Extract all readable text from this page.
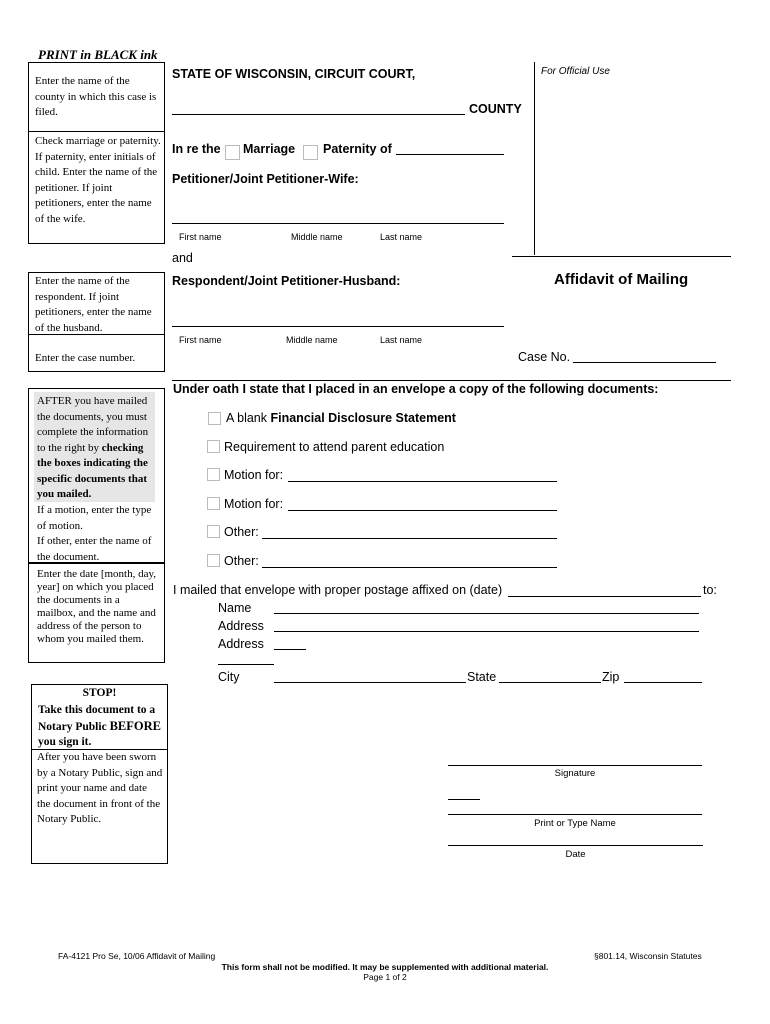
PRINT in BLACK ink
Enter the name of the county in which this case is filed.
Check marriage or paternity. If paternity, enter initials of child. Enter the name of the petitioner. If joint petitioners, enter the name of the wife.
Enter the name of the respondent. If joint petitioners, enter the name of the husband.
Enter the case number.
AFTER you have mailed the documents, you must complete the information to the right by checking the boxes indicating the specific documents that you mailed.
If a motion, enter the type of motion.
If other, enter the name of the document.
Enter the date [month, day, year] on which you placed the documents in a mailbox, and the name and address of the person to whom you mailed them.
STOP!
Take this document to a Notary Public BEFORE you sign it.
After you have been sworn by a Notary Public, sign and print your name and date the document in front of the Notary Public.
STATE OF WISCONSIN, CIRCUIT COURT,
COUNTY
For Official Use
In re the Marriage Paternity of
Petitioner/Joint Petitioner-Wife:
First name	Middle name	Last name
and
Respondent/Joint Petitioner-Husband:
First name	Middle name	Last name
Affidavit of Mailing
Case No.
Under oath I state that I placed in an envelope a copy of the following documents:
A blank Financial Disclosure Statement
Requirement to attend parent education
Motion for:
Motion for:
Other:
Other:
I mailed that envelope with proper postage affixed on (date)	to:
Name
Address
Address
City	State	Zip
Signature
Print or Type Name
Date
FA-4121 Pro Se, 10/06 Affidavit of Mailing	§801.14, Wisconsin Statutes
This form shall not be modified. It may be supplemented with additional material.
Page 1 of 2
